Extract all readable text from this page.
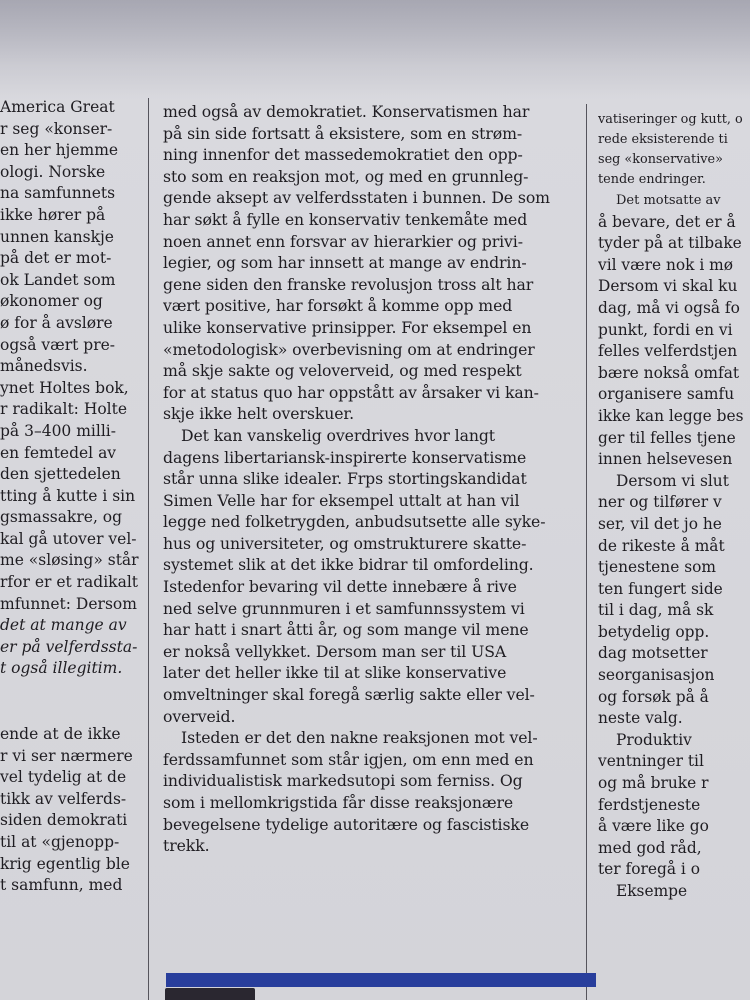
America Great
r seg «konser-
en her hjemme
ologi. Norske
na samfunnets
ikke hører på
unnen kanskje
på det er mot-
ok Landet som
økonomer og
ø for å avsløre
også vært pre-
månedsvis.
ynet Holtes bok,
r radikalt: Holte
på 3–400 milli-
en femtedel av
den sjettedelen
tting å kutte i sin
gsmassakre, og
kal gå utover vel-
me «sløsing» står
rfor er et radikalt
mfunnet: Dersom
det at mange av
er på velferdssta-
t også illegitim.
ende at de ikke
r vi ser nærmere
vel tydelig at de
tikk av velferds-
siden demokrati
til at «gjenopp-
krig egentlig ble
t samfunn, med
med også av demokratiet. Konservatismen har
på sin side fortsatt å eksistere, som en strøm-
ning innenfor det massedemokratiet den opp-
sto som en reaksjon mot, og med en grunnleg-
gende aksept av velferdsstaten i bunnen. De som
har søkt å fylle en konservativ tenkemåte med
noen annet enn forsvar av hierarkier og privi-
legier, og som har innsett at mange av endrin-
gene siden den franske revolusjon tross alt har
vært positive, har forsøkt å komme opp med
ulike konservative prinsipper. For eksempel en
«metodologisk» overbevisning om at endringer
må skje sakte og veloverveid, og med respekt
for at status quo har oppstått av årsaker vi kan-
skje ikke helt overskuer.
Det kan vanskelig overdrives hvor langt
dagens libertariansk-inspirerte konservatisme
står unna slike idealer. Frps stortingskandidat
Simen Velle har for eksempel uttalt at han vil
legge ned folketrygden, anbudsutsette alle syke-
hus og universiteter, og omstrukturere skatte-
systemet slik at det ikke bidrar til omfordeling.
Istedenfor bevaring vil dette innebære å rive
ned selve grunnmuren i et samfunnssystem vi
har hatt i snart åtti år, og som mange vil mene
er nokså vellykket. Dersom man ser til USA
later det heller ikke til at slike konservative
omveltninger skal foregå særlig sakte eller vel-
overveid.
Isteden er det den nakne reaksjonen mot vel-
ferdssamfunnet som står igjen, om enn med en
individualistisk markedsutopi som ferniss. Og
som i mellomkrigstida får disse reaksjonære
bevegelsene tydelige autoritære og fascistiske
trekk.
vatiseringer og kutt, o
rede eksisterende ti
seg «konservative»
tende endringer.
Det motsatte av
å bevare, det er å
tyder på at tilbake
vil være nok i mø
Dersom vi skal ku
dag, må vi også fo
punkt, fordi en vi
felles velferdstjen
bære nokså omfat
organisere samfu
ikke kan legge bes
ger til felles tjene
innen helsevesen
Dersom vi slut
ner og tilfører v
ser, vil det jo he
de rikeste å måt
tjenestene som
ten fungert side
til i dag, må sk
betydelig opp.
dag motsetter
seorganisasjon
og forsøk på å
neste valg.
Produktiv
ventninger til
og må bruke r
ferdstjeneste
å være like go
med god råd,
ter foregå i o
Eksempe
